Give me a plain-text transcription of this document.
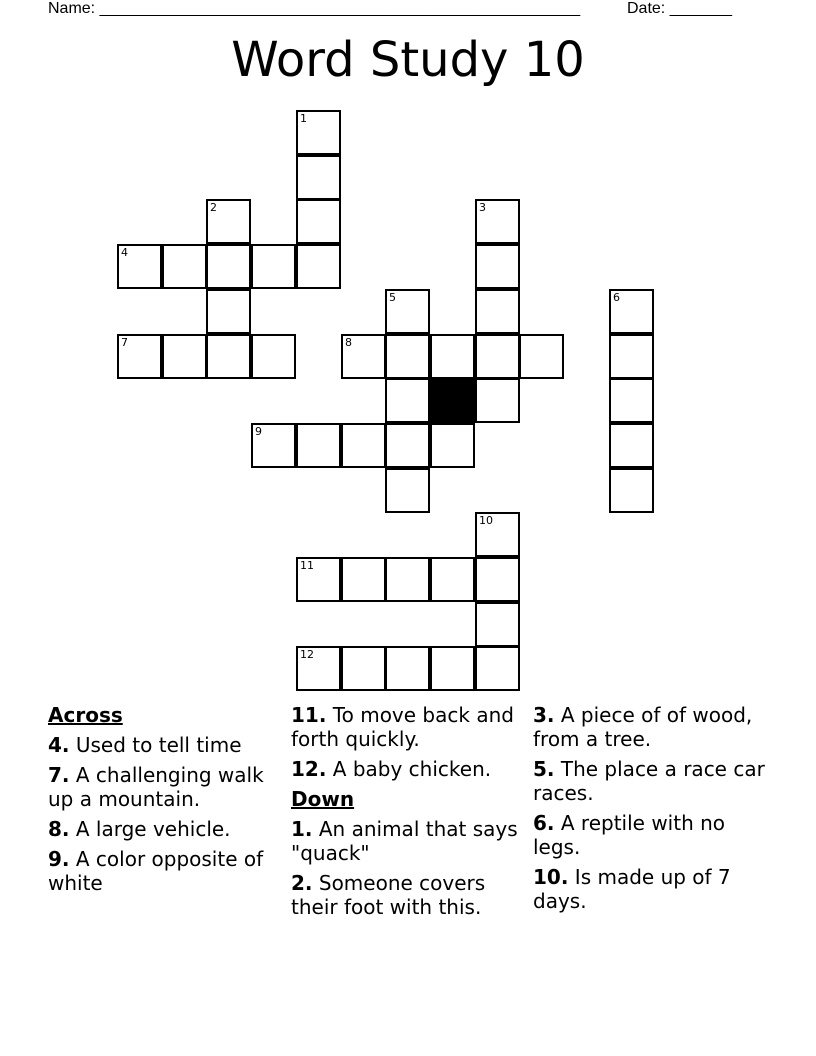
Name: ______________________________________________________	Date: _______
Word Study 10
1
2	3
4
5	6
7	8
9
10
11
12
Across
4. Used to tell time
7. A challenging walk up a mountain.
8. A large vehicle.
9. A color opposite of white
11. To move back and forth quickly.
12. A baby chicken.
Down
1. An animal that says "quack"
2. Someone covers their foot with this.
3. A piece of of wood, from a tree.
5. The place a race car races.
6. A reptile with no legs.
10. Is made up of 7 days.
